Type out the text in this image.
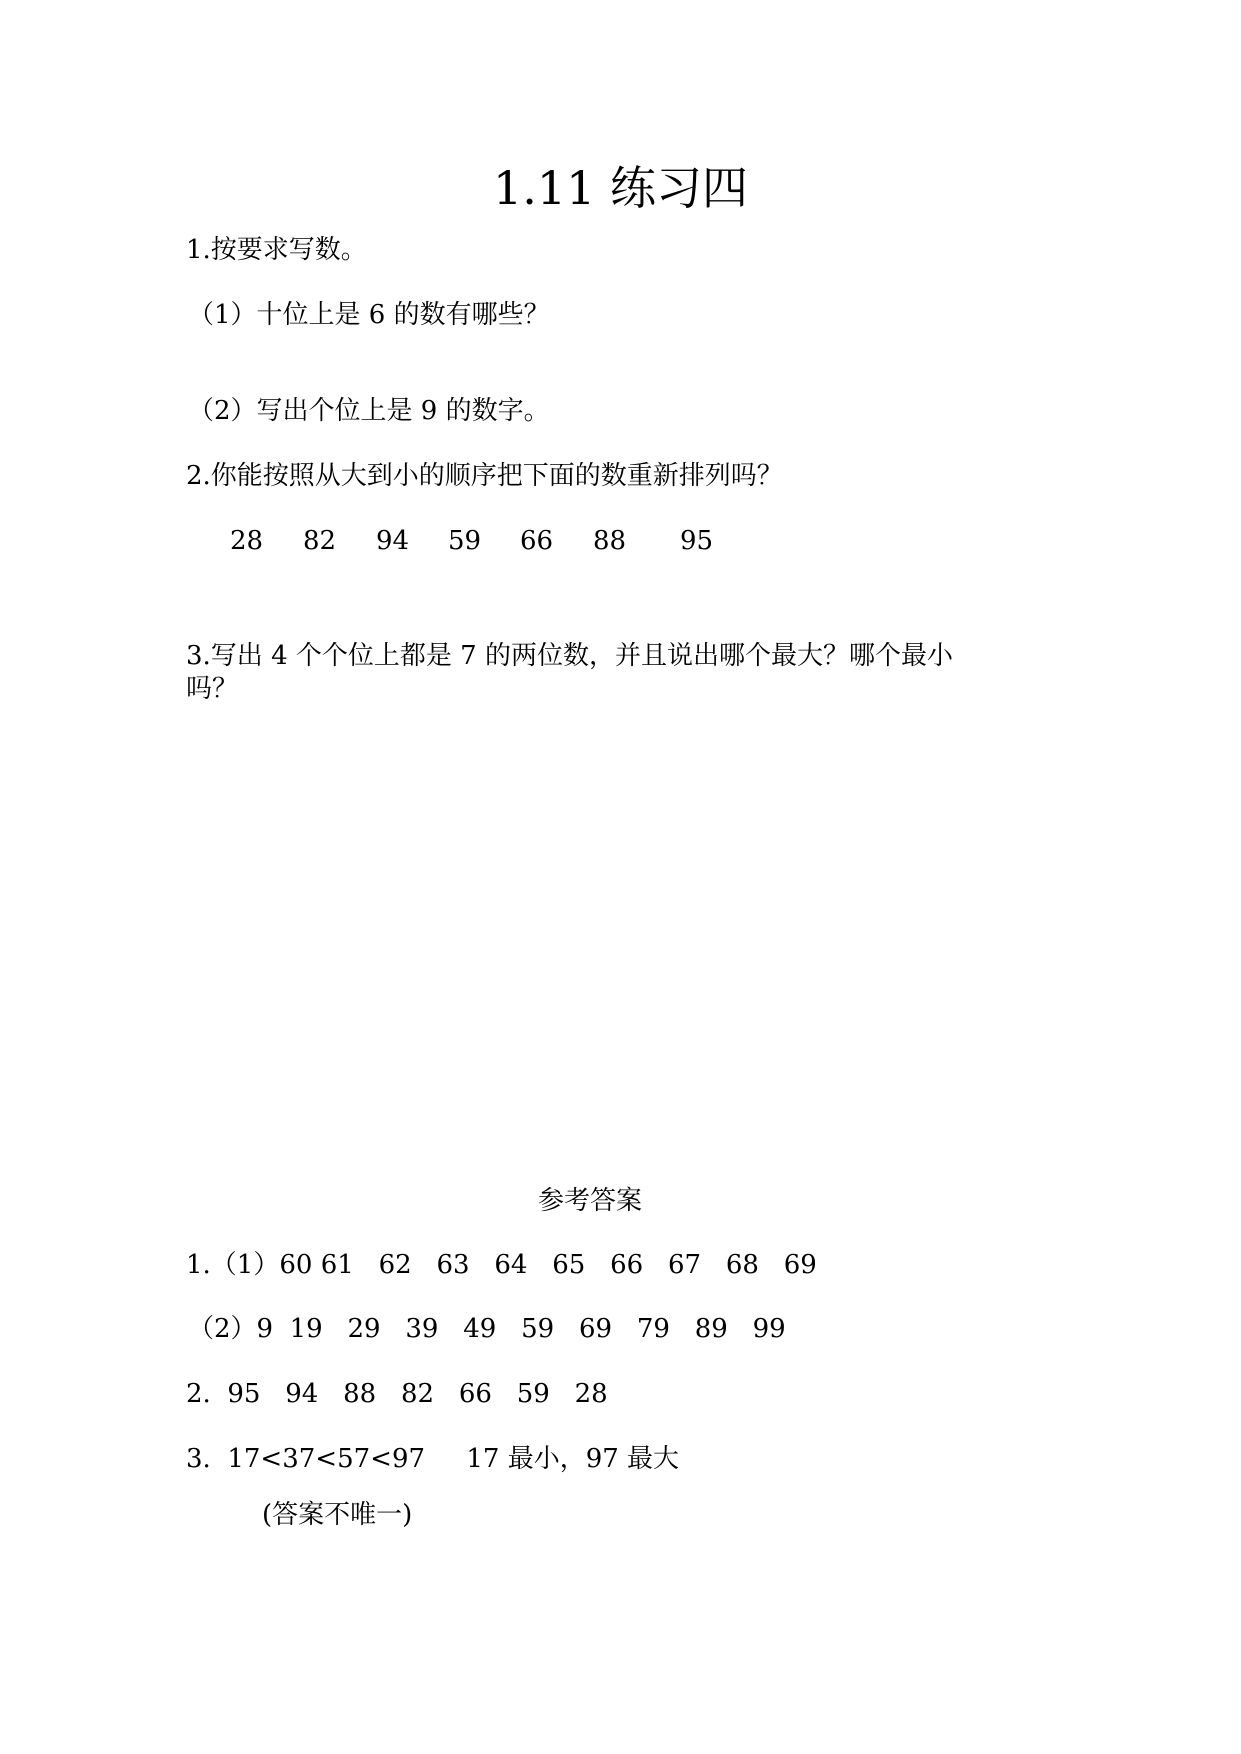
1.11 练习四
1.按要求写数。
（1）十位上是 6 的数有哪些？
（2）写出个位上是 9 的数字。
2.你能按照从大到小的顺序把下面的数重新排列吗？
28 82 94 59 66 88 95
3.写出 4 个个位上都是 7 的两位数，并且说出哪个最大？哪个最小
吗？
参考答案
1.（1）60 61   62   63   64   65   66   67   68   69
（2）9  19   29   39   49   59   69   79   89   99
2.  95   94   88   82   66   59   28
3.  17<37<57<97     17 最小，97 最大
(答案不唯一)
